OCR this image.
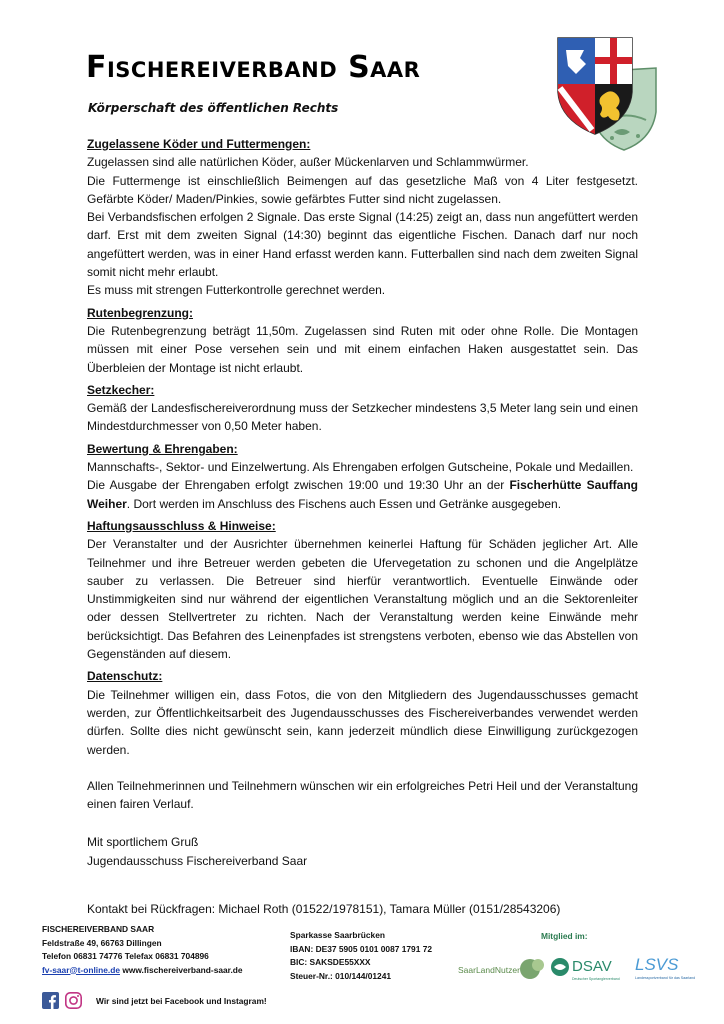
Fischereiverband Saar
Körperschaft des öffentlichen Rechts
Zugelassene Köder und Futtermengen:
Zugelassen sind alle natürlichen Köder, außer Mückenlarven und Schlammwürmer.
Die Futtermenge ist einschließlich Beimengen auf das gesetzliche Maß von 4 Liter festgesetzt. Gefärbte Köder/ Maden/Pinkies, sowie gefärbtes Futter sind nicht zugelassen.
Bei Verbandsfischen erfolgen 2 Signale. Das erste Signal (14:25) zeigt an, dass nun angefüttert werden darf. Erst mit dem zweiten Signal (14:30) beginnt das eigentliche Fischen. Danach darf nur noch angefüttert werden, was in einer Hand erfasst werden kann. Futterballen sind nach dem zweiten Signal somit nicht mehr erlaubt.
Es muss mit strengen Futterkontrolle gerechnet werden.
Rutenbegrenzung:
Die Rutenbegrenzung beträgt 11,50m. Zugelassen sind Ruten mit oder ohne Rolle. Die Montagen müssen mit einer Pose versehen sein und mit einem einfachen Haken ausgestattet sein. Das Überbleien der Montage ist nicht erlaubt.
Setzkecher:
Gemäß der Landesfischereiverordnung muss der Setzkecher mindestens 3,5 Meter lang sein und einen Mindestdurchmesser von 0,50 Meter haben.
Bewertung & Ehrengaben:
Mannschafts-, Sektor- und Einzelwertung. Als Ehrengaben erfolgen Gutscheine, Pokale und Medaillen.
Die Ausgabe der Ehrengaben erfolgt zwischen 19:00 und 19:30 Uhr an der Fischerhütte Sauffang Weiher. Dort werden im Anschluss des Fischens auch Essen und Getränke ausgegeben.
Haftungsausschluss & Hinweise:
Der Veranstalter und der Ausrichter übernehmen keinerlei Haftung für Schäden jeglicher Art. Alle Teilnehmer und ihre Betreuer werden gebeten die Ufervegetation zu schonen und die Angelplätze sauber zu verlassen. Die Betreuer sind hierfür verantwortlich. Eventuelle Einwände oder Unstimmigkeiten sind nur während der eigentlichen Veranstaltung möglich und an die Sektorenleiter oder dessen Stellvertreter zu richten. Nach der Veranstaltung werden keine Einwände mehr berücksichtigt. Das Befahren des Leinenpfades ist strengstens verboten, ebenso wie das Abstellen von Gegenständen auf diesem.
Datenschutz:
Die Teilnehmer willigen ein, dass Fotos, die von den Mitgliedern des Jugendausschusses gemacht werden, zur Öffentlichkeitsarbeit des Jugendausschusses des Fischereiverbandes verwendet werden dürfen. Sollte dies nicht gewünscht sein, kann jederzeit mündlich diese Einwilligung zurückgezogen werden.
Allen Teilnehmerinnen und Teilnehmern wünschen wir ein erfolgreiches Petri Heil und der Veranstaltung einen fairen Verlauf.
Mit sportlichem Gruß
Jugendausschuss Fischereiverband Saar
Kontakt bei Rückfragen: Michael Roth (01522/1978151), Tamara Müller (0151/28543206)
FISCHEREIVERBAND SAAR
Feldstraße 49, 66763 Dillingen
Telefon 06831 74776 Telefax 06831 704896
fv-saar@t-online.de www.fischereiverband-saar.de
Sparkasse Saarbrücken
IBAN: DE37 5905 0101 0087 1791 72
BIC: SAKSDE55XXX
Steuer-Nr.: 010/144/01241
Mitglied im:
SaarLandNutzer	DSAV
Deutscher Sportanglerverband
LSVS
Landessportverband für das Saarland
Wir sind jetzt bei Facebook und Instagram!
